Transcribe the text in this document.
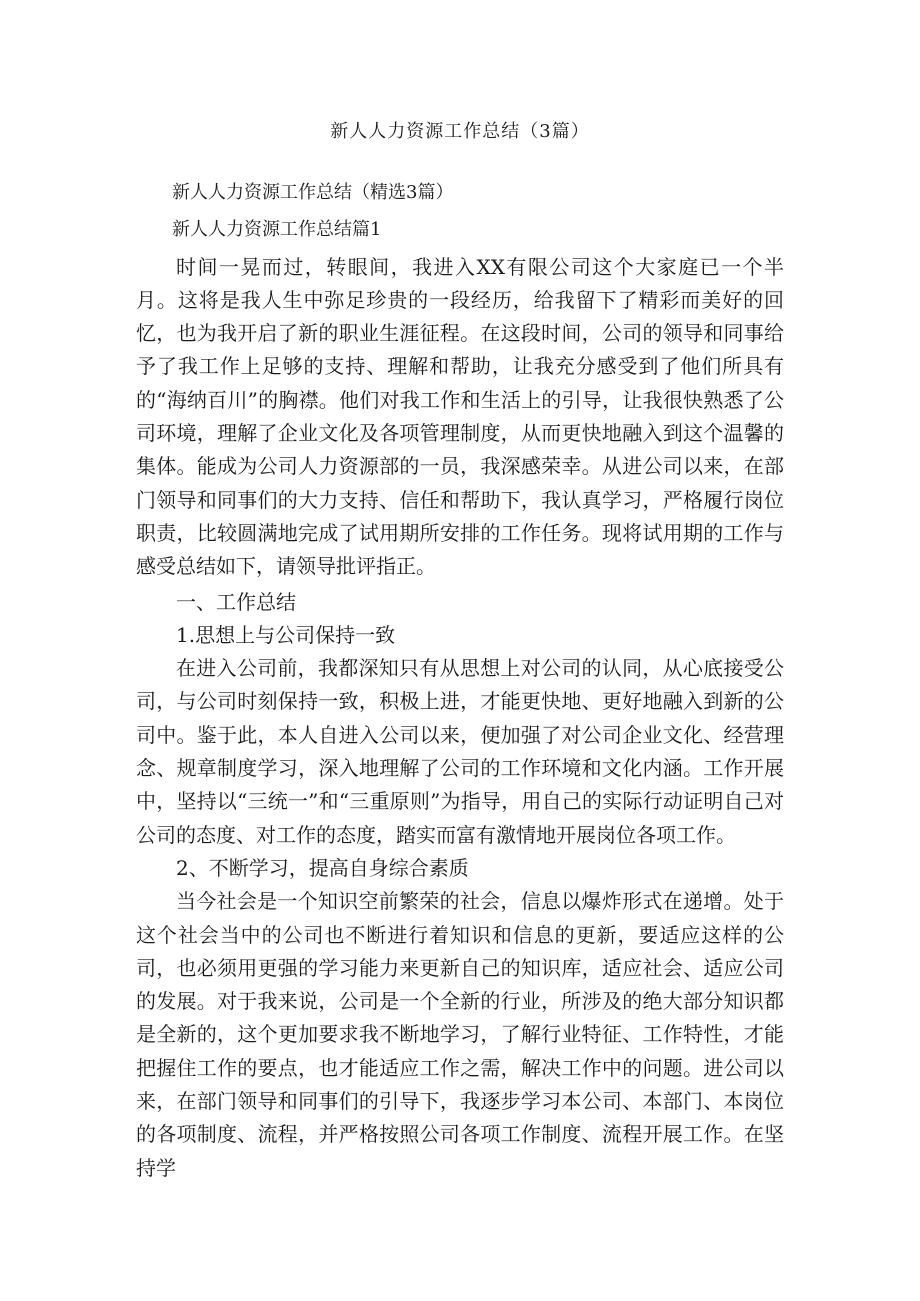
新人人力资源工作总结（3篇）

新人人力资源工作总结（精选3篇）

新人人力资源工作总结篇1

时间一晃而过，转眼间，我进入XX有限公司这个大家庭已一个半月。这将是我人生中弥足珍贵的一段经历，给我留下了精彩而美好的回忆，也为我开启了新的职业生涯征程。在这段时间，公司的领导和同事给予了我工作上足够的支持、理解和帮助，让我充分感受到了他们所具有的“海纳百川”的胸襟。他们对我工作和生活上的引导，让我很快熟悉了公司环境，理解了企业文化及各项管理制度，从而更快地融入到这个温馨的集体。能成为公司人力资源部的一员，我深感荣幸。从进公司以来，在部门领导和同事们的大力支持、信任和帮助下，我认真学习，严格履行岗位职责，比较圆满地完成了试用期所安排的工作任务。现将试用期的工作与感受总结如下，请领导批评指正。

一、工作总结

1.思想上与公司保持一致

在进入公司前，我都深知只有从思想上对公司的认同，从心底接受公司，与公司时刻保持一致，积极上进，才能更快地、更好地融入到新的公司中。鉴于此，本人自进入公司以来，便加强了对公司企业文化、经营理念、规章制度学习，深入地理解了公司的工作环境和文化内涵。工作开展中，坚持以“三统一”和“三重原则”为指导，用自己的实际行动证明自己对公司的态度、对工作的态度，踏实而富有激情地开展岗位各项工作。

2、不断学习，提高自身综合素质

当今社会是一个知识空前繁荣的社会，信息以爆炸形式在递增。处于这个社会当中的公司也不断进行着知识和信息的更新，要适应这样的公司，也必须用更强的学习能力来更新自己的知识库，适应社会、适应公司的发展。对于我来说，公司是一个全新的行业，所涉及的绝大部分知识都是全新的，这个更加要求我不断地学习，了解行业特征、工作特性，才能把握住工作的要点，也才能适应工作之需，解决工作中的问题。进公司以来，在部门领导和同事们的引导下，我逐步学习本公司、本部门、本岗位的各项制度、流程，并严格按照公司各项工作制度、流程开展工作。在坚持学
